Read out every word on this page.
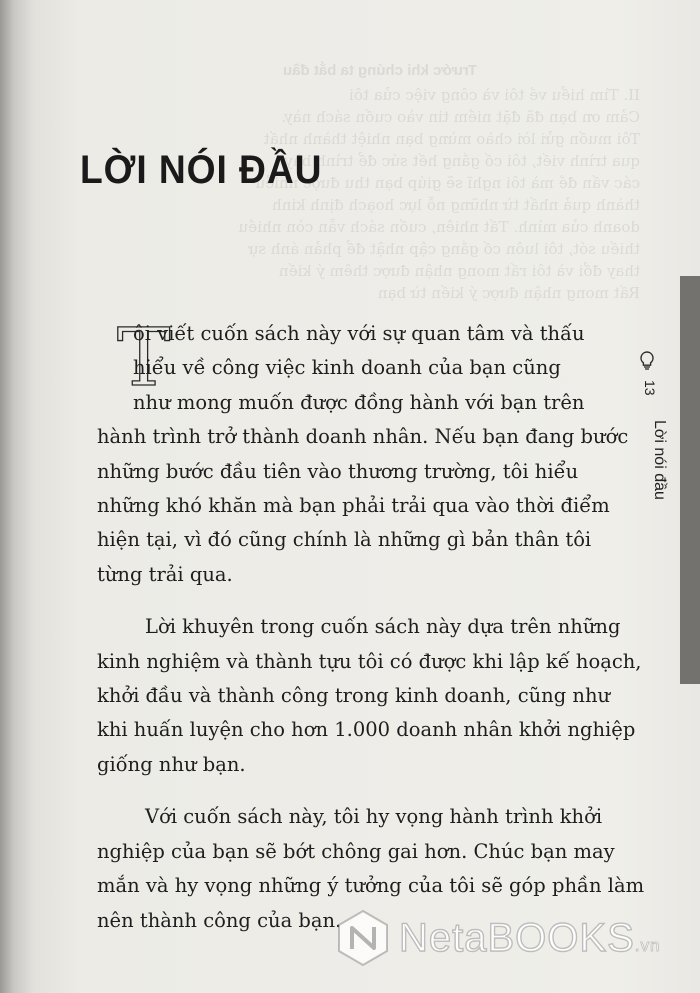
Trước khi chúng ta bắt đầu
II. Tìm hiểu về tôi và công việc của tôi
Cảm ơn bạn đã đặt niềm tin vào cuốn sách này.
Tôi muốn gửi lời chào mừng bạn nhiệt thành nhất
qua trình viết, tôi cố gắng hết sức để trình bày
các vấn đề mà tôi nghĩ sẽ giúp bạn thu được nhiều
thành quả nhất từ những nỗ lực hoạch định kinh
doanh của mình. Tất nhiên, cuốn sách vẫn còn nhiều
thiếu sót, tôi luôn cố gắng cập nhật để phản ánh sự
thay đổi và tôi rất mong nhận được thêm ý kiến
Rất mong nhận được ý kiến từ bạn
LỜI NÓI ĐẦU
T

ôi viết cuốn sách này với sự quan tâm và thấu
hiểu về công việc kinh doanh của bạn cũng
như mong muốn được đồng hành với bạn trên
hành trình trở thành doanh nhân. Nếu bạn đang bước
những bước đầu tiên vào thương trường, tôi hiểu
những khó khăn mà bạn phải trải qua vào thời điểm
hiện tại, vì đó cũng chính là những gì bản thân tôi
từng trải qua.

Lời khuyên trong cuốn sách này dựa trên những
kinh nghiệm và thành tựu tôi có được khi lập kế hoạch,
khởi đầu và thành công trong kinh doanh, cũng như
khi huấn luyện cho hơn 1.000 doanh nhân khởi nghiệp
giống như bạn.

Với cuốn sách này, tôi hy vọng hành trình khởi
nghiệp của bạn sẽ bớt chông gai hơn. Chúc bạn may
mắn và hy vọng những ý tưởng của tôi sẽ góp phần làm
nên thành công của bạn.

13
Lời nói đầu
NetaBOOKS.vn
